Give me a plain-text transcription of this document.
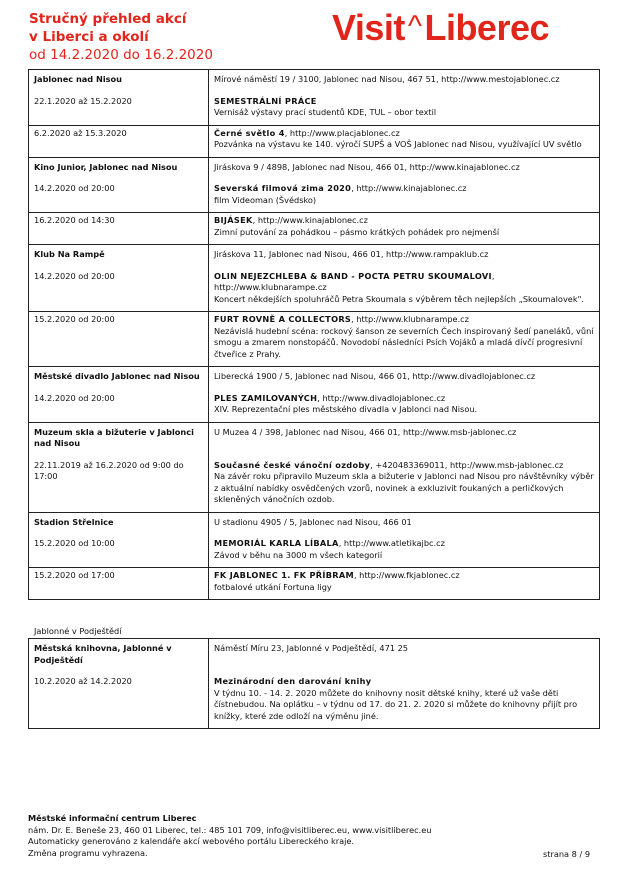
Stručný přehled akcí
v Liberci a okolí
od 14.2.2020 do 16.2.2020
Visit ^Liberec
Jablonec nad Nisou	Mírové náměstí 19 / 3100, Jablonec nad Nisou, 467 51, http://www.mestojablonec.cz
22.1.2020 až 15.2.2020	SEMESTRÁLNÍ PRÁCE
Vernisáž výstavy prací studentů KDE, TUL – obor textil

6.2.2020 až 15.3.2020	Černé světlo 4, http://www.placjablonec.cz
Pozvánka na výstavu ke 140. výročí SUPŠ a VOŠ Jablonec nad Nisou, využívající UV světlo

Kino Junior, Jablonec nad Nisou	Jiráskova 9 / 4898, Jablonec nad Nisou, 466 01, http://www.kinajablonec.cz
14.2.2020 od 20:00	Severská filmová zima 2020, http://www.kinajablonec.cz
film Videoman (Švédsko)

16.2.2020 od 14:30	BIJÁSEK, http://www.kinajablonec.cz
Zimní putování za pohádkou – pásmo krátkých pohádek pro nejmenší

Klub Na Rampě	Jiráskova 11, Jablonec nad Nisou, 466 01, http://www.rampaklub.cz
14.2.2020 od 20:00	OLIN NEJEZCHLEBA & BAND - POCTA PETRU SKOUMALOVI, http://www.klubnarampe.cz
Koncert někdejších spoluhráčů Petra Skoumala s výběrem těch nejlepších „Skoumalovek".

15.2.2020 od 20:00	FURT ROVNĚ A COLLECTORS, http://www.klubnarampe.cz
Nezávislá hudební scéna: rockový šanson ze severních Čech inspirovaný šedí paneláků, vůní smogu a zmarem nonstopáčů. Novodobí následníci Psích Vojáků a mladá dívčí progresivní čtveřice z Prahy.

Městské divadlo Jablonec nad Nisou	Liberecká 1900 / 5, Jablonec nad Nisou, 466 01, http://www.divadlojablonec.cz
14.2.2020 od 20:00	PLES ZAMILOVANÝCH, http://www.divadlojablonec.cz
XIV. Reprezentační ples městského divadla v Jablonci nad Nisou.

Muzeum skla a bižuterie v Jablonci nad Nisou	U Muzea 4 / 398, Jablonec nad Nisou, 466 01, http://www.msb-jablonec.cz
22.11.2019 až 16.2.2020 od 9:00 do 17:00	Současné české vánoční ozdoby, +420483369011, http://www.msb-jablonec.cz
Na závěr roku připravilo Muzeum skla a bižuterie v Jablonci nad Nisou pro návštěvníky výběr z aktuální nabídky osvědčených vzorů, novinek a exkluzivit foukaných a perličkových skleněných vánočních ozdob.

Stadion Střelnice	U stadionu 4905 / 5, Jablonec nad Nisou, 466 01
15.2.2020 od 10:00	MEMORIÁL KARLA LÍBALA, http://www.atletikajbc.cz
Závod v běhu na 3000 m všech kategorií

15.2.2020 od 17:00	FK JABLONEC 1. FK PŘÍBRAM, http://www.fkjablonec.cz
fotbalové utkání Fortuna ligy
Jablonné v Podještědí
Městská knihovna, Jablonné v Podještědí	Náměstí Míru 23, Jablonné v Podještědí, 471 25
10.2.2020 až 14.2.2020	Mezinárodní den darování knihy
V týdnu 10. - 14. 2. 2020 můžete do knihovny nosit dětské knihy, které už vaše děti čístnebudou. Na oplátku – v týdnu od 17. do 21. 2. 2020 si můžete do knihovny přijít pro knížky, které zde odloží na výměnu jiné.
Městské informační centrum Liberec
nám. Dr. E. Beneše 23, 460 01 Liberec, tel.: 485 101 709, info@visitliberec.eu, www.visitliberec.eu
Automaticky generováno z kalendáře akcí webového portálu Libereckého kraje.
Změna programu vyhrazena.	strana 8 / 9
